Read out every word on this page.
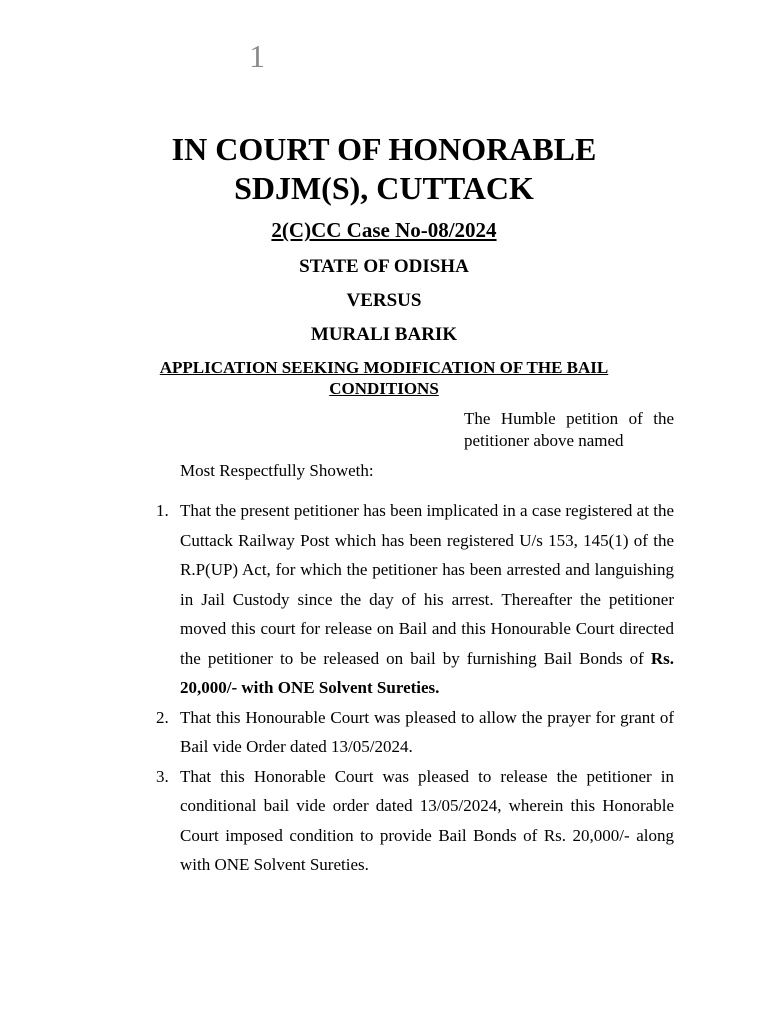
1
IN COURT OF HONORABLE
SDJM(S), CUTTACK
2(C)CC Case No-08/2024
STATE OF ODISHA
VERSUS
MURALI BARIK
APPLICATION SEEKING MODIFICATION OF THE BAIL
CONDITIONS
The Humble petition of the petitioner above named
Most Respectfully Showeth:
1. That the present petitioner has been implicated in a case registered at the Cuttack Railway Post which has been registered U/s 153, 145(1) of the R.P(UP) Act, for which the petitioner has been arrested and languishing in Jail Custody since the day of his arrest. Thereafter the petitioner moved this court for release on Bail and this Honourable Court directed the petitioner to be released on bail by furnishing Bail Bonds of Rs. 20,000/- with ONE Solvent Sureties.
2. That this Honourable Court was pleased to allow the prayer for grant of Bail vide Order dated 13/05/2024.
3. That this Honorable Court was pleased to release the petitioner in conditional bail vide order dated 13/05/2024, wherein this Honorable Court imposed condition to provide Bail Bonds of Rs. 20,000/- along with ONE Solvent Sureties.
